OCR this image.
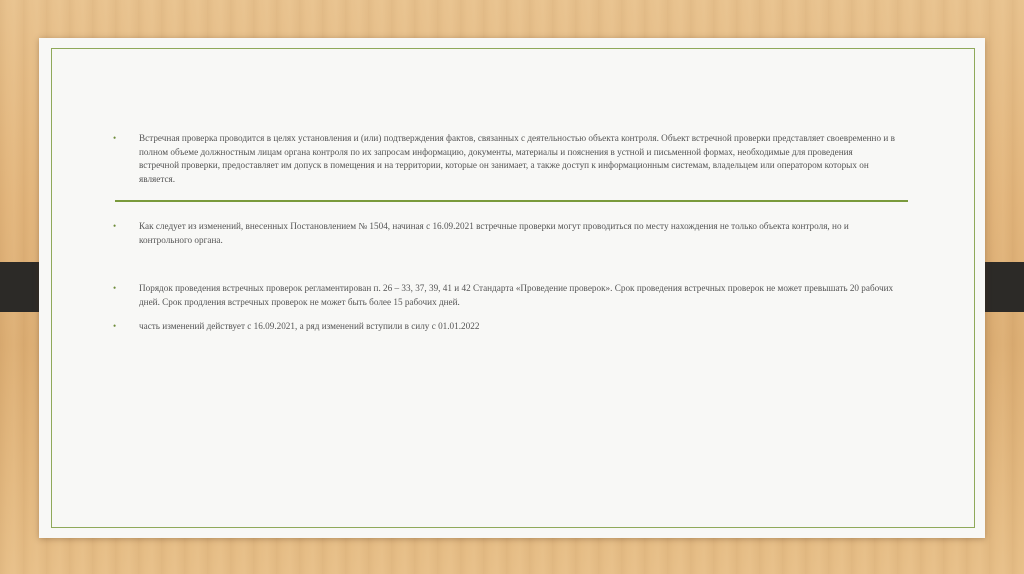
•	Встречная проверка проводится в целях установления и (или) подтверждения фактов, связанных с деятельностью объекта контроля. Объект встречной проверки представляет своевременно и в полном объеме должностным лицам органа контроля по их запросам информацию, документы, материалы и пояснения в устной и письменной формах, необходимые для проведения встречной проверки, предоставляет им допуск в помещения и на территории, которые он занимает, а также доступ к информационным системам, владельцем или оператором которых он является.
•	Как следует из изменений, внесенных Постановлением № 1504, начиная с 16.09.2021 встречные проверки могут проводиться по месту нахождения не только объекта контроля, но и контрольного органа.
•	Порядок проведения встречных проверок регламентирован п. 26 – 33, 37, 39, 41 и 42 Стандарта «Проведение проверок». Срок проведения встречных проверок не может превышать 20 рабочих дней. Срок продления встречных проверок не может быть более 15 рабочих дней.
•	часть изменений действует с 16.09.2021, а ряд изменений вступили в силу с 01.01.2022
